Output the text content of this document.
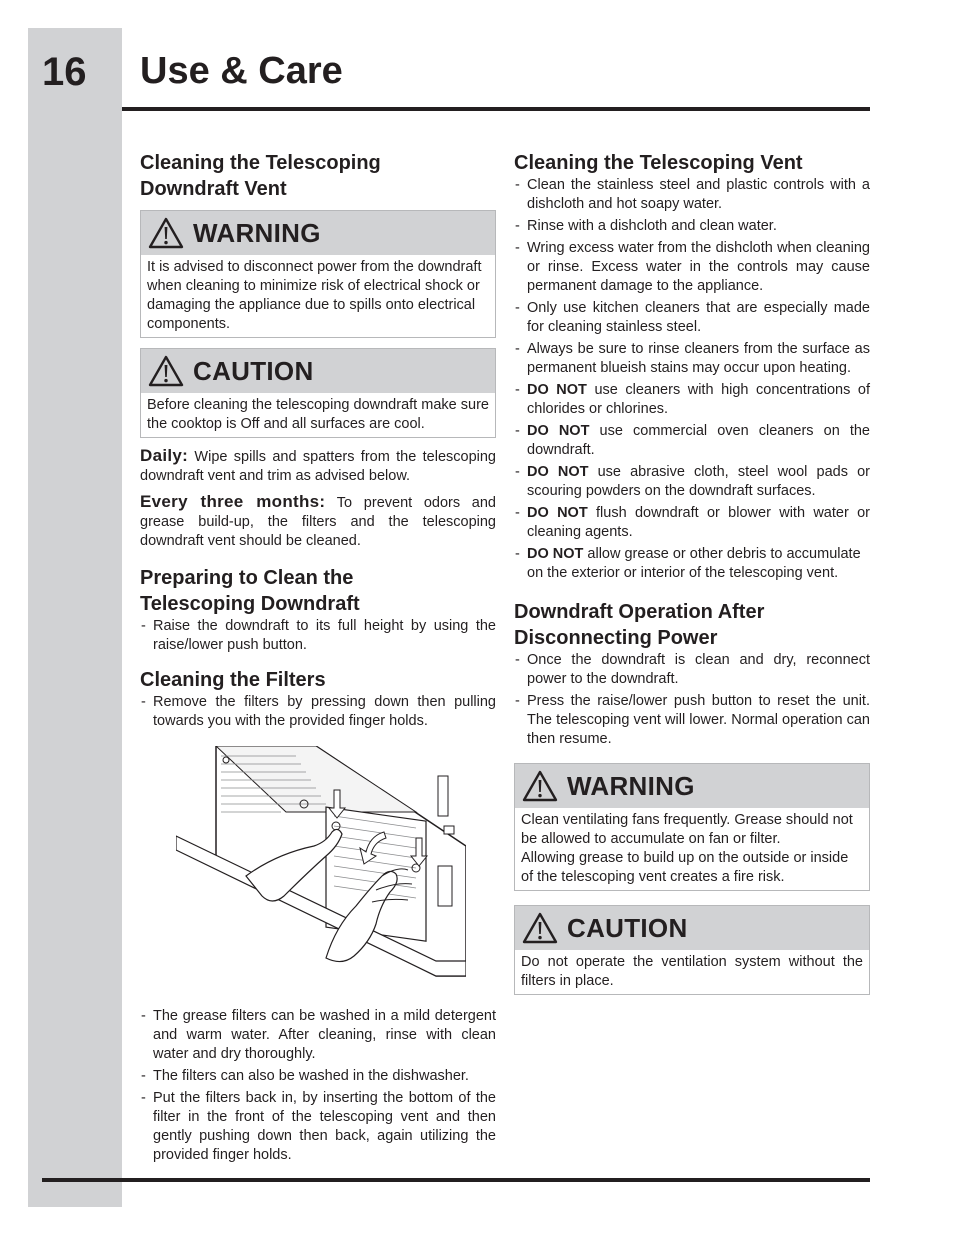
16 Use & Care
Cleaning the Telescoping Downdraft Vent
WARNING
It is advised to disconnect power from the downdraft when cleaning to minimize risk of electrical shock or damaging the appliance due to spills onto electrical components.
CAUTION
Before cleaning the telescoping downdraft make sure the cooktop is Off and all surfaces are cool.

Daily: Wipe spills and spatters from the telescoping downdraft vent and trim as advised below.

Every three months: To prevent odors and grease build-up, the filters and the telescoping downdraft vent should be cleaned.

Preparing to Clean the Telescoping Downdraft
- Raise the downdraft to its full height by using the raise/lower push button.
Cleaning the Filters
- Remove the filters by pressing down then pulling towards you with the provided finger holds.
- The grease filters can be washed in a mild detergent and warm water. After cleaning, rinse with clean water and dry thoroughly.
- The filters can also be washed in the dishwasher.
- Put the filters back in, by inserting the bottom of the filter in the front of the telescoping vent and then gently pushing down then back, again utilizing the provided finger holds.
Cleaning the Telescoping Vent
- Clean the stainless steel and plastic controls with a dishcloth and hot soapy water.
- Rinse with a dishcloth and clean water.
- Wring excess water from the dishcloth when cleaning or rinse. Excess water in the controls may cause permanent damage to the appliance.
- Only use kitchen cleaners that are especially made for cleaning stainless steel.
- Always be sure to rinse cleaners from the surface as permanent blueish stains may occur upon heating.
- DO NOT use cleaners with high concentrations of chlorides or chlorines.
- DO NOT use commercial oven cleaners on the downdraft.
- DO NOT use abrasive cloth, steel wool pads or scouring powders on the downdraft surfaces.
- DO NOT flush downdraft or blower with water or cleaning agents.
- DO NOT allow grease or other debris to accumulate on the exterior or interior of the telescoping vent.
Downdraft Operation After Disconnecting Power
- Once the downdraft is clean and dry, reconnect power to the downdraft.
- Press the raise/lower push button to reset the unit. The telescoping vent will lower. Normal operation can then resume.
WARNING
Clean ventilating fans frequently. Grease should not be allowed to accumulate on fan or filter.
Allowing grease to build up on the outside or inside of the telescoping vent creates a fire risk.
CAUTION
Do not operate the ventilation system without the filters in place.
